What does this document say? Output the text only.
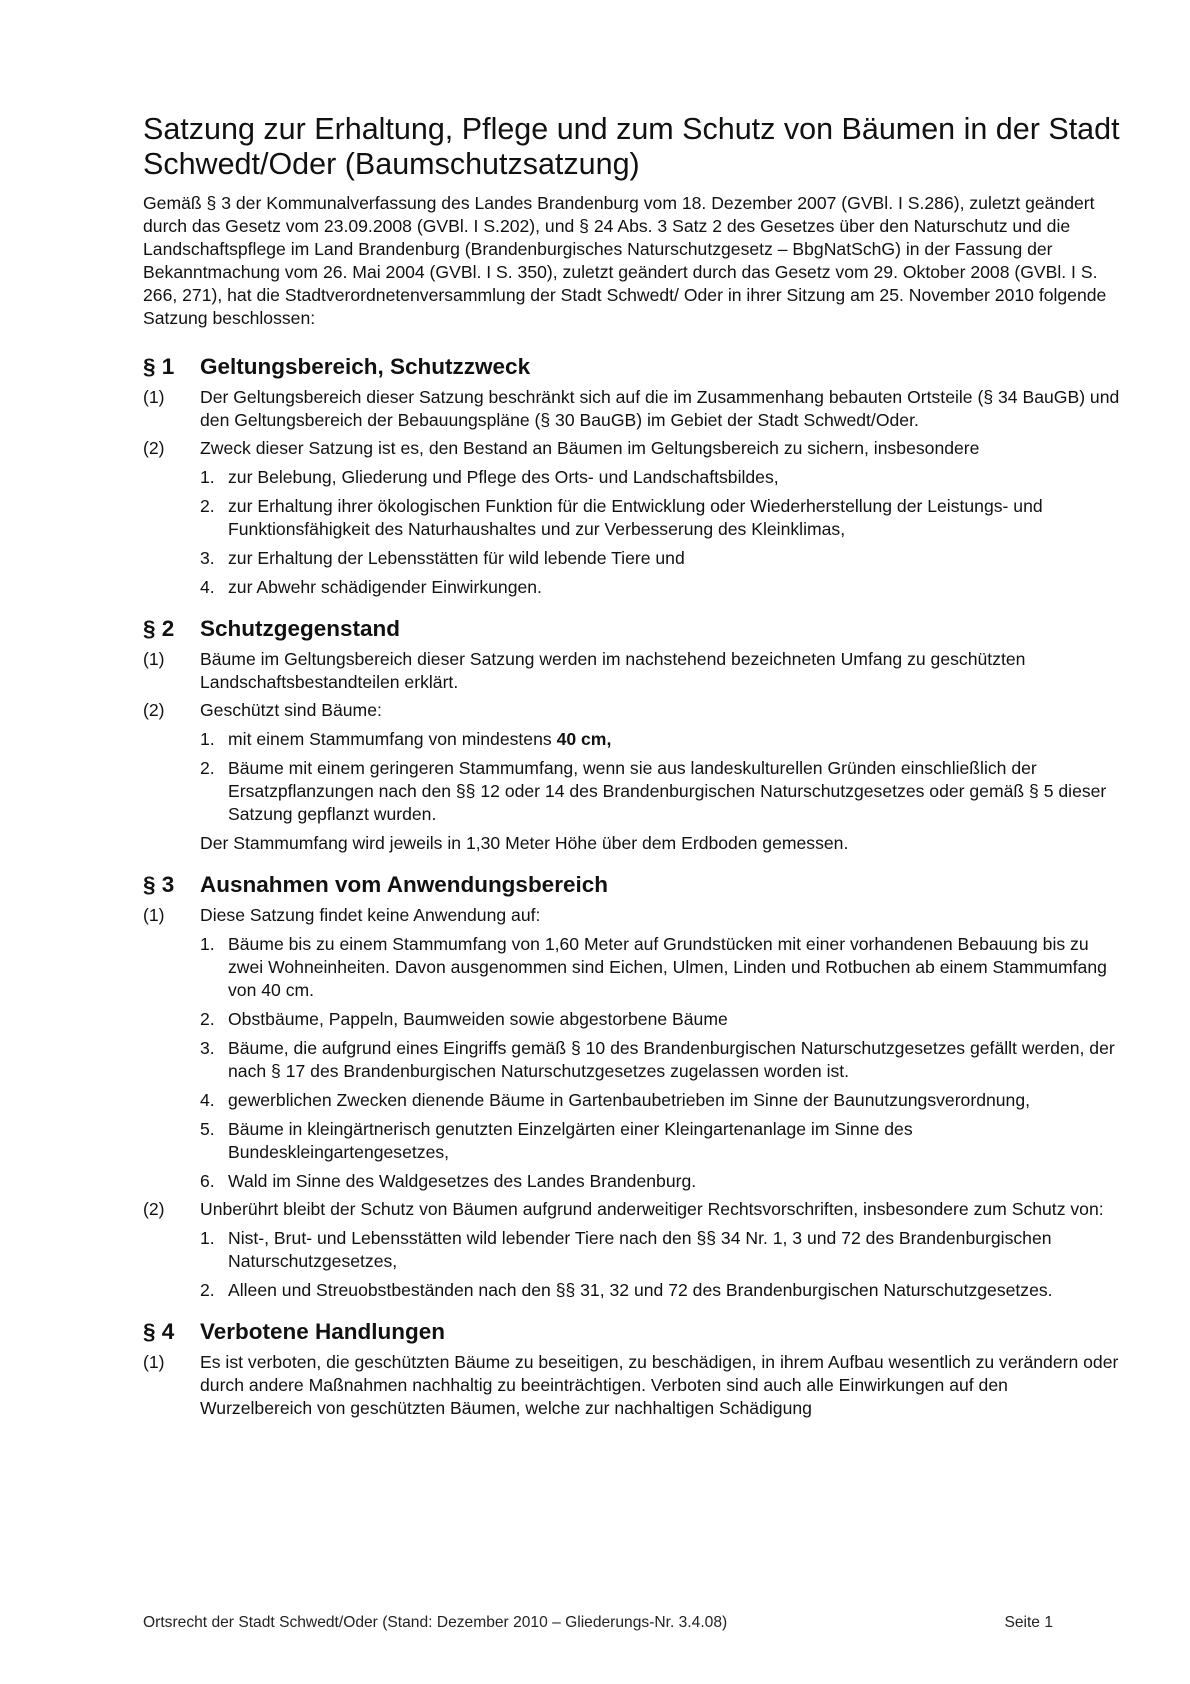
Satzung zur Erhaltung, Pflege und zum Schutz von Bäumen in der Stadt Schwedt/Oder (Baumschutzsatzung)

Gemäß § 3 der Kommunalverfassung des Landes Brandenburg vom 18. Dezember 2007 (GVBl. I S.286), zuletzt geändert durch das Gesetz vom 23.09.2008 (GVBl. I S.202), und § 24 Abs. 3 Satz 2 des Gesetzes über den Naturschutz und die Landschaftspflege im Land Brandenburg (Brandenburgisches Naturschutzgesetz – BbgNatSchG) in der Fassung der Bekanntmachung vom 26. Mai 2004 (GVBl. I S. 350), zuletzt geändert durch das Gesetz vom 29. Oktober 2008 (GVBl. I S. 266, 271), hat die Stadtverordnetenversammlung der Stadt Schwedt/ Oder in ihrer Sitzung am 25. November 2010 folgende Satzung beschlossen:

§ 1	Geltungsbereich, Schutzzweck
(1)	Der Geltungsbereich dieser Satzung beschränkt sich auf die im Zusammenhang bebauten Ortsteile (§ 34 BauGB) und den Geltungsbereich der Bebauungspläne (§ 30 BauGB) im Gebiet der Stadt Schwedt/Oder.
(2)	Zweck dieser Satzung ist es, den Bestand an Bäumen im Geltungsbereich zu sichern, insbesondere
1. zur Belebung, Gliederung und Pflege des Orts- und Landschaftsbildes,
2. zur Erhaltung ihrer ökologischen Funktion für die Entwicklung oder Wiederherstellung der Leistungs- und Funktionsfähigkeit des Naturhaushaltes und zur Verbesserung des Kleinklimas,
3. zur Erhaltung der Lebensstätten für wild lebende Tiere und
4. zur Abwehr schädigender Einwirkungen.
§ 2	Schutzgegenstand
(1)	Bäume im Geltungsbereich dieser Satzung werden im nachstehend bezeichneten Umfang zu geschützten Landschaftsbestandteilen erklärt.
(2)	Geschützt sind Bäume:
1. mit einem Stammumfang von mindestens 40 cm,
2. Bäume mit einem geringeren Stammumfang, wenn sie aus landeskulturellen Gründen einschließlich der Ersatzpflanzungen nach den §§ 12 oder 14 des Brandenburgischen Naturschutzgesetzes oder gemäß § 5 dieser Satzung gepflanzt wurden.
Der Stammumfang wird jeweils in 1,30 Meter Höhe über dem Erdboden gemessen.
§ 3	Ausnahmen vom Anwendungsbereich
(1)	Diese Satzung findet keine Anwendung auf:
1. Bäume bis zu einem Stammumfang von 1,60 Meter auf Grundstücken mit einer vorhandenen Bebauung bis zu zwei Wohneinheiten. Davon ausgenommen sind Eichen, Ulmen, Linden und Rotbuchen ab einem Stammumfang von 40 cm.
2. Obstbäume, Pappeln, Baumweiden sowie abgestorbene Bäume
3. Bäume, die aufgrund eines Eingriffs gemäß § 10 des Brandenburgischen Naturschutzgesetzes gefällt werden, der nach § 17 des Brandenburgischen Naturschutzgesetzes zugelassen worden ist.
4. gewerblichen Zwecken dienende Bäume in Gartenbaubetrieben im Sinne der Baunutzungsverordnung,
5. Bäume in kleingärtnerisch genutzten Einzelgärten einer Kleingartenanlage im Sinne des Bundeskleingartengesetzes,
6. Wald im Sinne des Waldgesetzes des Landes Brandenburg.
(2)	Unberührt bleibt der Schutz von Bäumen aufgrund anderweitiger Rechtsvorschriften, insbesondere zum Schutz von:
1. Nist-, Brut- und Lebensstätten wild lebender Tiere nach den §§ 34 Nr. 1, 3 und 72 des Brandenburgischen Naturschutzgesetzes,
2. Alleen und Streuobstbeständen nach den §§ 31, 32 und 72 des Brandenburgischen Naturschutzgesetzes.
§ 4	Verbotene Handlungen
(1)	Es ist verboten, die geschützten Bäume zu beseitigen, zu beschädigen, in ihrem Aufbau wesentlich zu verändern oder durch andere Maßnahmen nachhaltig zu beeinträchtigen. Verboten sind auch alle Einwirkungen auf den Wurzelbereich von geschützten Bäumen, welche zur nachhaltigen Schädigung
Ortsrecht der Stadt Schwedt/Oder (Stand: Dezember 2010 – Gliederungs-Nr. 3.4.08)	Seite 1
